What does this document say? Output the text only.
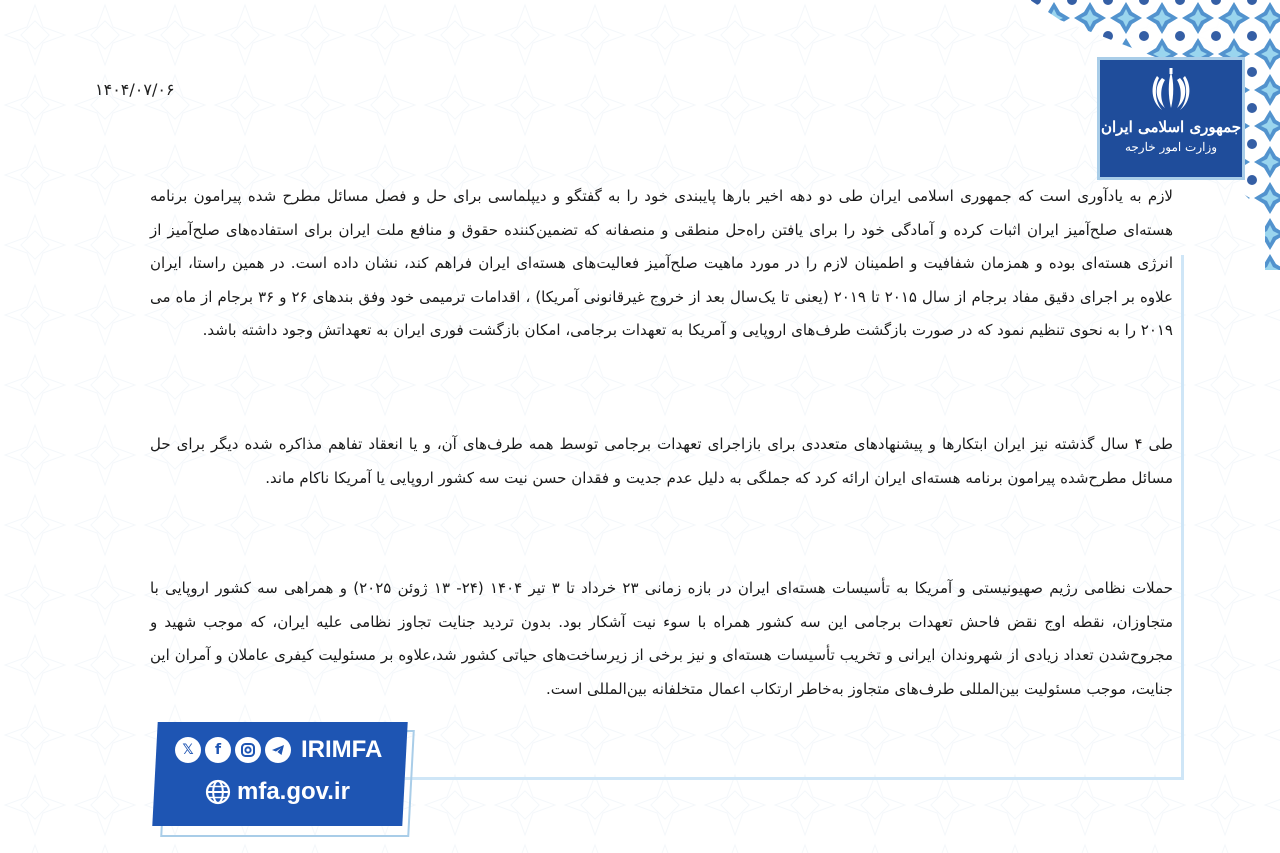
جمهوری اسلامی ایران
وزارت امور خارجه
۱۴۰۴/۰۷/۰۶
لازم به یادآوری است که جمهوری اسلامی ایران طی دو دهه اخیر بارها پایبندی خود را به گفتگو و دیپلماسی برای حل و فصل مسائل مطرح شده پیرامون برنامه هسته‌ای صلح‌آمیز ایران اثبات کرده و آمادگی خود را برای یافتن راه‌حل منطقی و منصفانه که تضمین‌کننده حقوق و منافع ملت ایران برای استفاده‌های صلح‌آمیز از انرژی هسته‌ای بوده و همزمان شفافیت و اطمینان لازم را در مورد ماهیت صلح‌آمیز فعالیت‌های هسته‌ای ایران فراهم کند، نشان داده است. در همین راستا، ایران علاوه بر اجرای دقیق مفاد برجام از سال ۲۰۱۵ تا ۲۰۱۹ (یعنی تا یک‌سال بعد از خروج غیرقانونی آمریکا) ، اقدامات ترمیمی خود وفق بندهای ۲۶ و ۳۶ برجام از ماه می ۲۰۱۹ را به نحوی تنظیم نمود که در صورت بازگشت طرف‌های اروپایی و آمریکا به تعهدات برجامی، امکان بازگشت فوری ایران به تعهداتش وجود داشته باشد.
طی ۴ سال گذشته نیز ایران ابتکارها و پیشنهادهای متعددی برای بازاجرای تعهدات برجامی توسط همه طرف‌های آن، و یا انعقاد تفاهم مذاکره شده دیگر برای حل مسائل مطرح‌شده پیرامون برنامه هسته‌ای ایران ارائه کرد که جملگی به دلیل عدم جدیت و فقدان حسن نیت سه کشور اروپایی یا آمریکا ناکام ماند.
حملات نظامی رژیم صهیونیستی و آمریکا به تأسیسات هسته‌ای ایران در بازه زمانی ۲۳ خرداد تا ۳ تیر ۱۴۰۴ (۲۴- ۱۳ ژوئن ۲۰۲۵) و همراهی سه کشور اروپایی با متجاوزان، نقطه اوج نقض فاحش تعهدات برجامی این سه کشور همراه با سوء نیت آشکار بود. بدون تردید جنایت تجاوز نظامی علیه ایران، که موجب شهید و مجروح‌شدن تعداد زیادی از شهروندان ایرانی و تخریب تأسیسات هسته‌ای و نیز برخی از زیرساخت‌های حیاتی کشور شد،علاوه بر مسئولیت کیفری عاملان و آمران این جنایت، موجب مسئولیت بین‌المللی طرف‌های متجاوز به‌خاطر ارتکاب اعمال متخلفانه بین‌المللی است.
𝕏	f	IRIMFA
mfa.gov.ir
